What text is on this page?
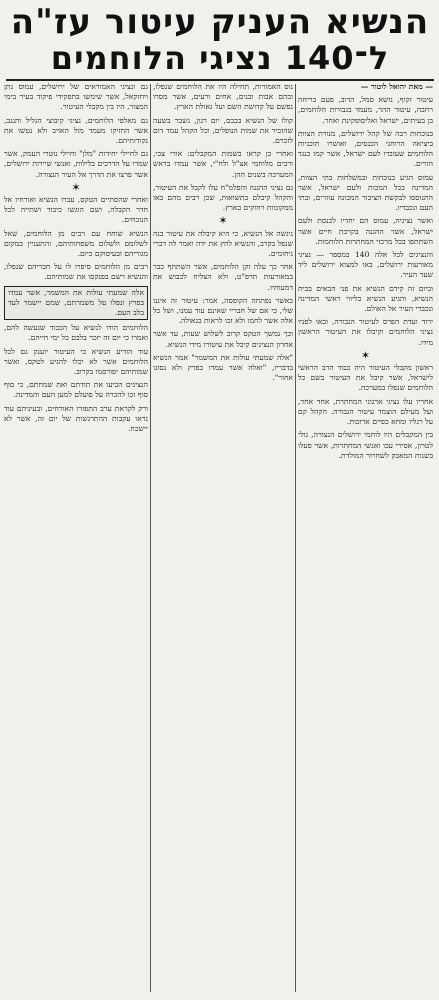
הנשיא העניק עיטור עז"ה
ל־140 נציגי הלוחמים

— מאת יהואל לוטור —

עיטור זקוף, נושא סמל, הדוב, פעם בריחה רחבה, עיטור ההר, מעמד בגבורות הלוחמים, בן בעיתים, ישראל ואליסופקינת ואחר.

בנוכחות רבה של קהל ירושלים, מנורת הצוות ביציאה הרוחני הכנסים, ואושרו תוכניות הלוחמים שעובדו לעם ישראל, אשר קמו כנגד הזרים.

עמוס הגיע בנוכחות ובמשלחות בתי הצוות, המדינה בכל המכות ולעם ישראל, אשר התנוססו לבקשת הציבור המכונה עוזרים, ובתי העם ונכבדיו.

ואשר נציגיה, עמוס הם יחדיו לכנסת ולעם ישראל, אשר ההגנה בקרבת חיים אשר השתתפו בכל מרכזי המחתרות הלוחמות.

והנציגים לכל אלה 140 במספר — נציגי מאורעות ירושלים, באו למצוא ירושלים ליד שער העיר.

וביום זה קידם הנשיא את פני הבאים בבית הנשיא, והגיע הנשיא בליווי ראשי המדינה ונכבדי העיר אל האולם.

ירוד ועדת הפרס לעיטור הגבורה, ובאו לפניו נציגי הלוחמים וקיבלו את העיטור הראשון מידו.

✶

ראשון מקבלי העיטור היה כבוד הרב הראשי לישראל, אשר קיבל את העיטור בשם כל הלוחמים שנפלו במערכה.

אחריו עלו נציגי ארגוני המחתרת, אחד אחד, ועל מעילם הוצמד עיטור הגבורה. הקהל קם על רגליו ומחא כפיים ארוכות.

בין המקבלים היו לוחמי ירושלים הנצורה, גולי לטרון, אסירי עכו ואנשי המחתרות, אשר פעלו בשנות המאבק לשחרור המולדת.

נוס האמורות, תחילה היו את הלוחמים שנפלו, ובהם אבות ובנים, אחים ורעים, אשר מסרו נפשם על קדושת השם ועל גאולת הארץ.

קולו של הנשיא בכבס, יום רגון, נשבר בשעה שהזכיר את שמות הנופלים, וכל הקהל עמד דום לזכרם.

ואחרי כן קראו בשמות המקבלים: אורי צבי, ורבים מלוחמי אצ"ל ולח"י, אשר עמדו בראש המערכה בשנים ההן.

גם נציגי ההגנה והפלמ"ח עלו לקבל את העיטור, והקהל קיבלם בתשואות, שכן רבים מהם באו ממקומות רחוקים בארץ.

✶

ניגשה אל הנשיא, כי היא קיבלה את עיטור בנה שנפל בקרב, והנשיא לחץ את ידה ואמר לה דברי ניחומים.

אחר כך עלה זקן הלוחמים, אשר השתתף כבר במאורעות תרפ"ט, ולא הצליח לכבוש את דמעותיו.

כאשר נפתחה הקופסה, אמר: עיטור זה איננו שלי, כי אם של חבריי שאינם עוד עמנו, ושל כל אלה אשר לחמו ולא זכו לראות בגאולה.

וכך נמשך הטקס קרוב לשלוש שעות, עד אשר אחרון הנציגים קיבל את עיטורו מידי הנשיא.

"אלה שמעתי עולות את המשמר" אמר הנשיא בדבריו, "ואלה אשר עמדו בפרץ ולא נסוגו אחור".

גם ונציגי האמוראים של ירושלים, עמוס נתן ויחזקאל, אשר שימשו בתפקידי פיקוד בעיר בימי המצור, היו בין מקבלי העיטור.

גם מאלפי הלוחמים, נציגי קיבוצי הגליל והנגב, אשר החזיקו מעמד מול האויב ולא נטשו את נקודותיהם.

גם לחיילי יחידות "מלן" וחיילי נוטרי העמק, אשר שמרו על הדרכים בלילות, ואנשי שיירות ירושלים, אשר פרצו את הדרך אל העיר הנצורה.

✶

ואחרי שהסתיים הטקס, עברו הנשיא ואורחיו אל חדר הקבלה, ושם הוגשו כיבוד ושתייה לכל הנוכחים.

הנשיא שוחח עם רבים מן הלוחמים, שאל לשלומם ולשלום משפחותיהם, והתעניין במקום מגוריהם ובעיסוקם כיום.

רבים מן הלוחמים סיפרו לו על חבריהם שנפלו, והנשיא רשם בפנקסו את שמותיהם.

אלה שמעתי עולות את המשמר, אשר עמדו בפרץ ונפלו על משמרתם, שמם יישמר לעד בלב העם.

הלוחמים הודו לנשיא על הכבוד שנעשה להם, ואמרו כי יום זה יזכר בלבם כל ימי חייהם.

עוד הודיע הנשיא כי העיטור יוענק גם לכל הלוחמים אשר לא יכלו להגיע לטקס, ואשר שמותיהם יפורסמו בקרוב.

הנציגים הביעו את תודתם ואת שמחתם, כי סוף סוף זכו להכרה על פועלם למען העם והמדינה.

ורק לקראת ערב התפזרו האורחים, ובעיניהם עוד נראו עקבות ההתרגשות של יום זה, אשר לא יישכח.
